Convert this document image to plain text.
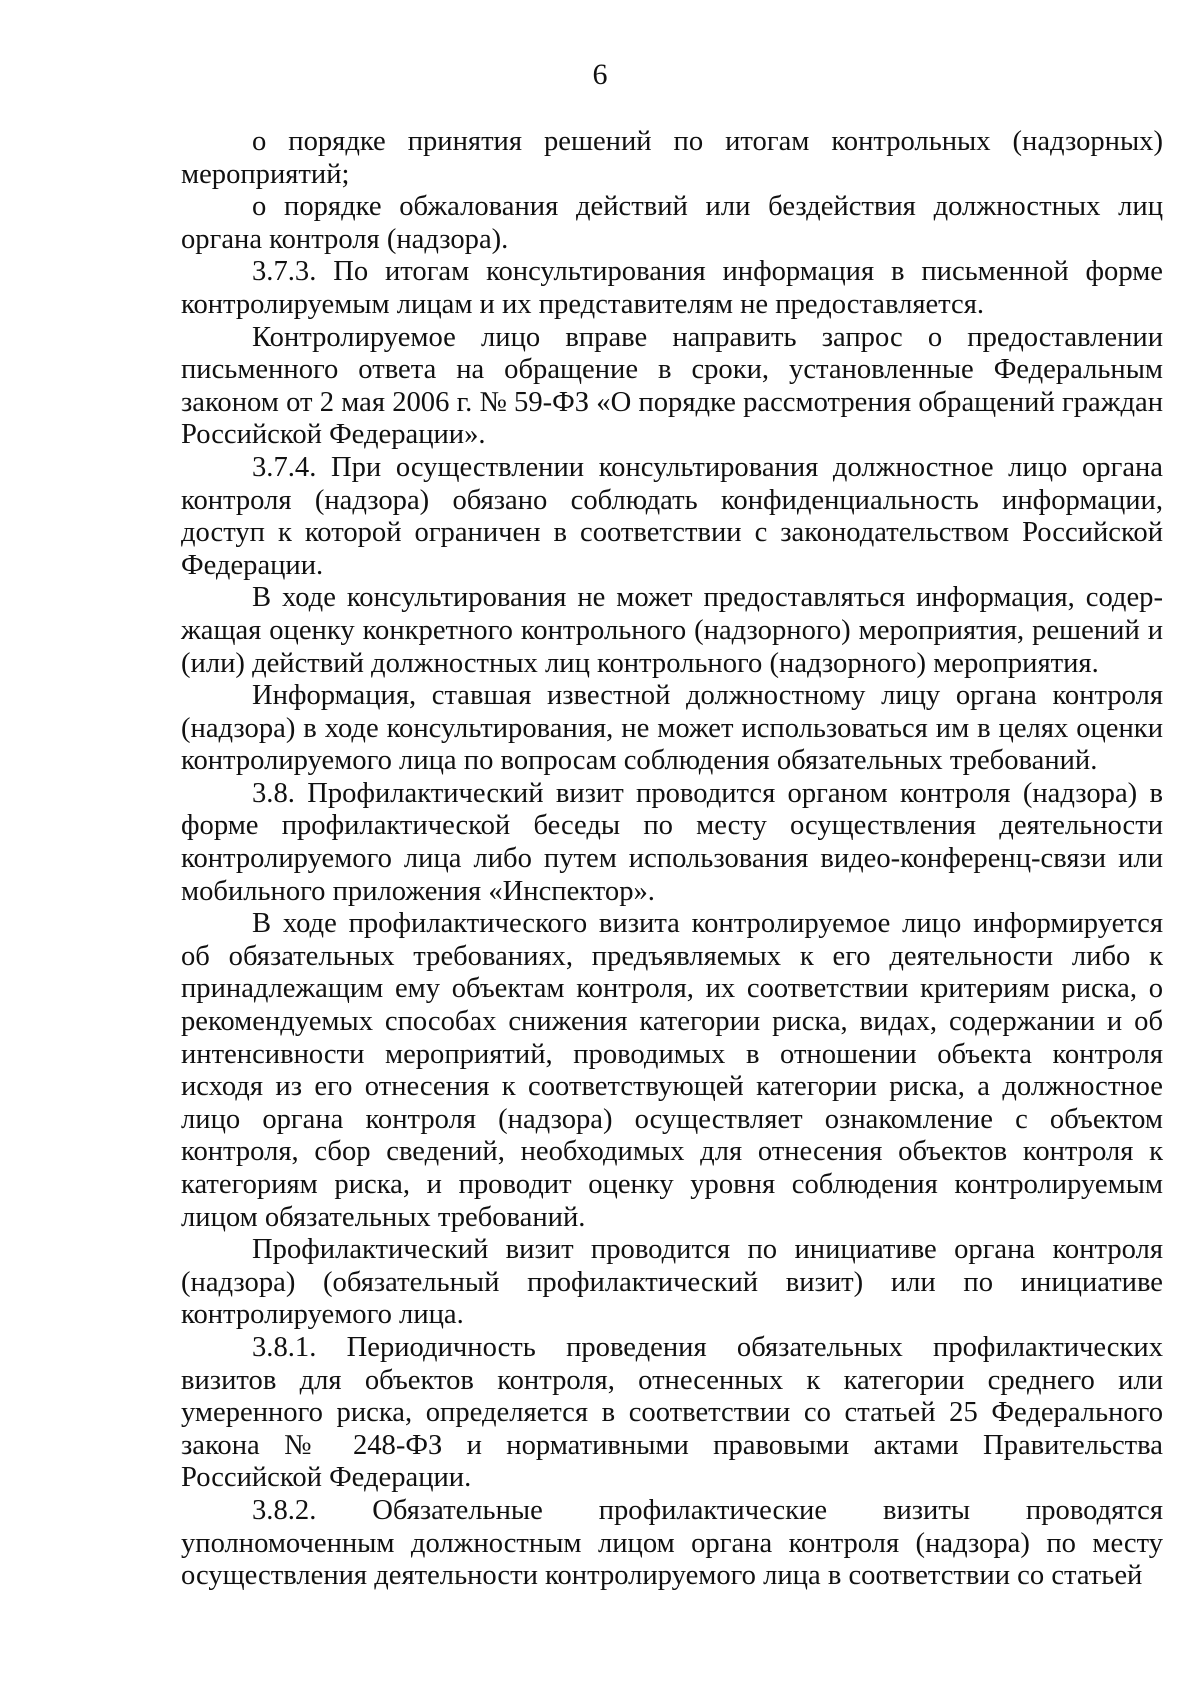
6

о порядке принятия решений по итогам контрольных (надзорных) мероприятий;

о порядке обжалования действий или бездействия должностных лиц органа контроля (надзора).

3.7.3. По итогам консультирования информация в письменной форме контролируемым лицам и их представителям не предоставляется.

Контролируемое лицо вправе направить запрос о предоставлении письменного ответа на обращение в сроки, установленные Федеральным законом от 2 мая 2006 г. № 59-ФЗ «О порядке рассмотрения обращений граждан Российской Федерации».

3.7.4. При осуществлении консультирования должностное лицо органа контроля (надзора) обязано соблюдать конфиденциальность информации, доступ к которой ограничен в соответствии с законодательством Российской Федерации.

В ходе консультирования не может предоставляться информация, содержащая оценку конкретного контрольного (надзорного) мероприятия, решений и (или) действий должностных лиц контрольного (надзорного) мероприятия.

Информация, ставшая известной должностному лицу органа контроля (надзора) в ходе консультирования, не может использоваться им в целях оценки контролируемого лица по вопросам соблюдения обязательных требований.

3.8. Профилактический визит проводится органом контроля (надзора) в форме профилактической беседы по месту осуществления деятельности контролируемого лица либо путем использования видео-конференц-связи или мобильного приложения «Инспектор».

В ходе профилактического визита контролируемое лицо информируется об обязательных требованиях, предъявляемых к его деятельности либо к принадлежащим ему объектам контроля, их соответствии критериям риска, о рекомендуемых способах снижения категории риска, видах, содержании и об интенсивности мероприятий, проводимых в отношении объекта контроля исходя из его отнесения к соответствующей категории риска, а должностное лицо органа контроля (надзора) осуществляет ознакомление с объектом контроля, сбор сведений, необходимых для отнесения объектов контроля к категориям риска, и проводит оценку уровня соблюдения контролируемым лицом обязательных требований.

Профилактический визит проводится по инициативе органа контроля (надзора) (обязательный профилактический визит) или по инициативе контролируемого лица.

3.8.1. Периодичность проведения обязательных профилактических визитов для объектов контроля, отнесенных к категории среднего или умеренного риска, определяется в соответствии со статьей 25 Федерального закона № 248-ФЗ и нормативными правовыми актами Правительства Российской Федерации.

3.8.2. Обязательные профилактические визиты проводятся уполномоченным должностным лицом органа контроля (надзора) по месту осуществления деятельности контролируемого лица в соответствии со статьей
